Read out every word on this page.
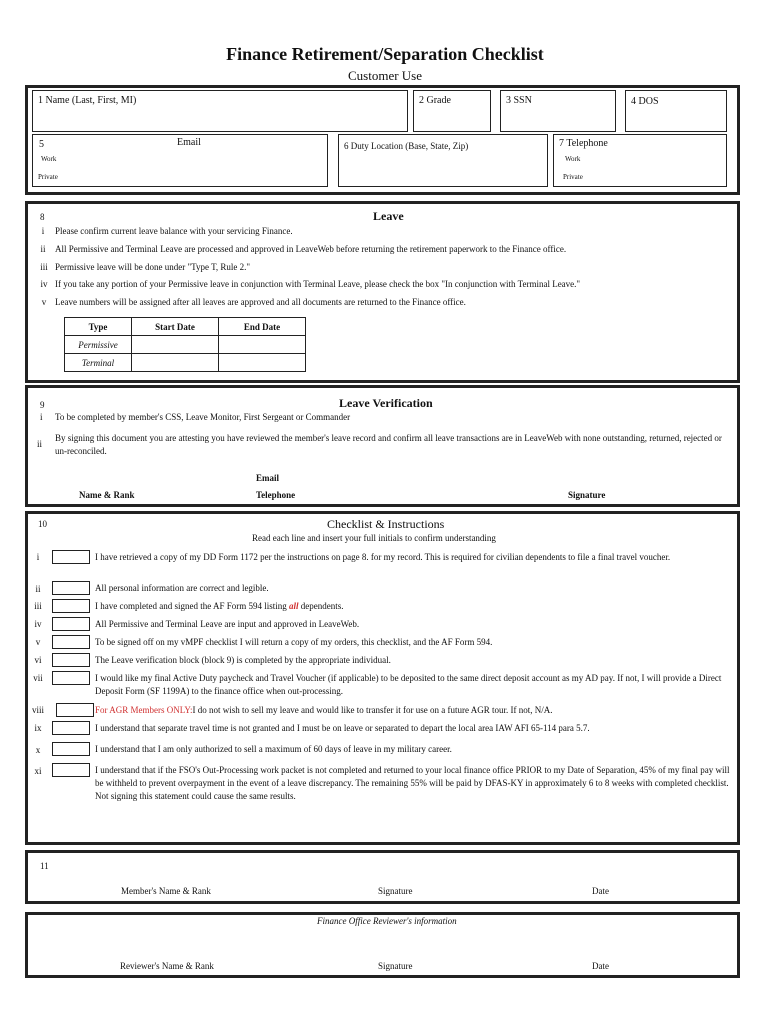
Finance Retirement/Separation Checklist
Customer Use
1 Name (Last, First, MI)	2 Grade	3 SSN	4 DOS
5	Email
Work
Private
6 Duty Location (Base, State, Zip)	7 Telephone
Work
Private
8	Leave
i	Please confirm current leave balance with your servicing Finance.
ii	All Permissive and Terminal Leave are processed and approved in LeaveWeb before returning the retirement paperwork to the Finance office.
iii Permissive leave will be done under "Type T, Rule 2."
iv If you take any portion of your Permissive leave in conjunction with Terminal Leave, please check the box "In conjunction with Terminal Leave."
v Leave numbers will be assigned after all leaves are approved and all documents are returned to the Finance office.
Type	Start Date	End Date
Permissive		
Terminal		
9	Leave Verification
i To be completed by member's CSS, Leave Monitor, First Sergeant or Commander
ii
By signing this document you are attesting you have reviewed the member's leave record and confirm all leave transactions are in LeaveWeb with none outstanding, returned, rejected or un-reconciled.
Email
Name & Rank	Telephone	Signature
10	Checklist & Instructions
Read each line and insert your full initials to confirm understanding
i	I have retrieved a copy of my DD Form 1172 per the instructions on page 8. for my record. This is required for civilian dependents to file a final travel voucher.
ii	All personal information are correct and legible.
iii	I have completed and signed the AF Form 594 listing all dependents.
iv	All Permissive and Terminal Leave are input and approved in LeaveWeb.
v	To be signed off on my vMPF checklist I will return a copy of my orders, this checklist, and the AF Form 594.
vi	The Leave verification block (block 9) is completed by the appropriate individual.
vii	I would like my final Active Duty paycheck and Travel Voucher (if applicable) to be deposited to the same direct deposit account as my AD pay. If not, I will provide a Direct Deposit Form (SF 1199A) to the finance office when out-processing.
viii	For AGR Members ONLY:I do not wish to sell my leave and would like to transfer it for use on a future AGR tour. If not, N/A.
ix	I understand that separate travel time is not granted and I must be on leave or separated to depart the local area IAW AFI 65-114 para 5.7.
x	I understand that I am only authorized to sell a maximum of 60 days of leave in my military career.
xi	I understand that if the FSO's Out-Processing work packet is not completed and returned to your local finance office PRIOR to my Date of Separation, 45% of my final pay will be withheld to prevent overpayment in the event of a leave discrepancy. The remaining 55% will be paid by DFAS-KY in approximately 6 to 8 weeks with completed checklist. Not signing this statement could cause the same results.
11
Member's Name & Rank	Signature	Date
Finance Office Reviewer's information
Reviewer's Name & Rank	Signature	Date
